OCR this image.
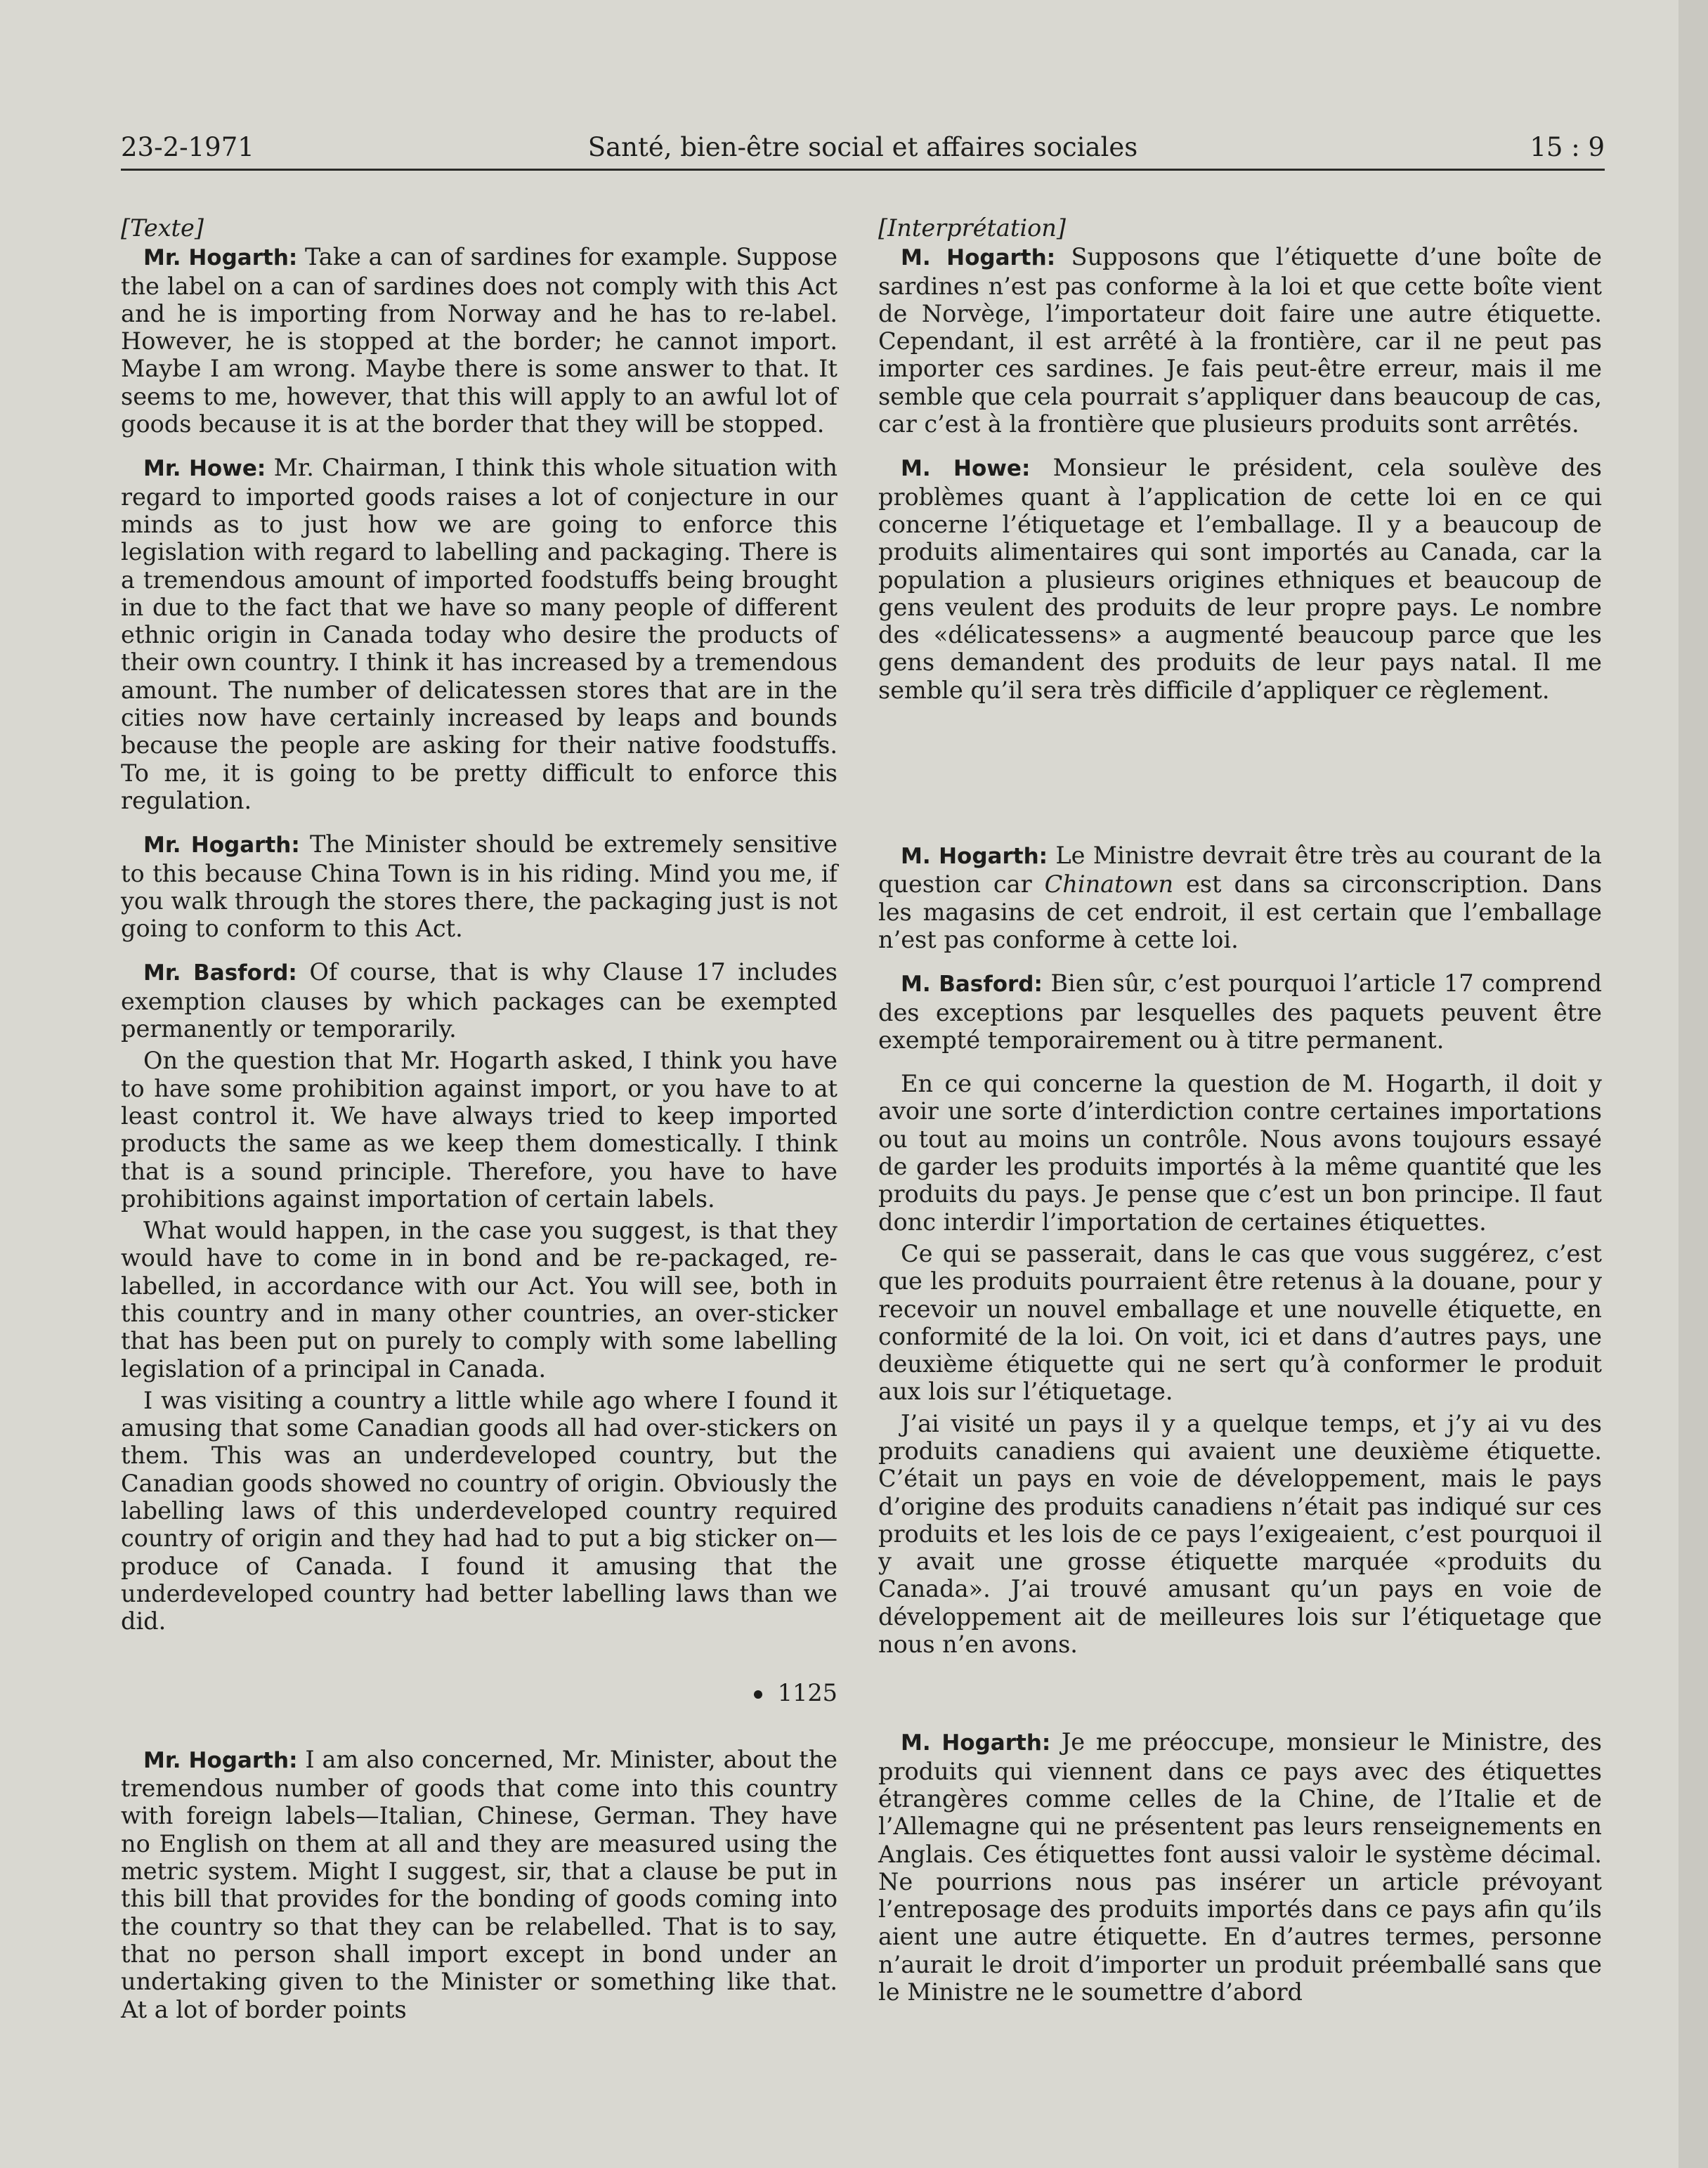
23-2-1971	Santé, bien-être social et affaires sociales	15 : 9

[Texte]

Mr. Hogarth: Take a can of sardines for example. Suppose the label on a can of sardines does not comply with this Act and he is importing from Norway and he has to re-label. However, he is stopped at the border; he cannot import. Maybe I am wrong. Maybe there is some answer to that. It seems to me, however, that this will apply to an awful lot of goods because it is at the border that they will be stopped.

Mr. Howe: Mr. Chairman, I think this whole situation with regard to imported goods raises a lot of conjecture in our minds as to just how we are going to enforce this legislation with regard to labelling and packaging. There is a tremendous amount of imported foodstuffs being brought in due to the fact that we have so many people of different ethnic origin in Canada today who desire the products of their own country. I think it has increased by a tremendous amount. The number of delicatessen stores that are in the cities now have certainly increased by leaps and bounds because the people are asking for their native foodstuffs. To me, it is going to be pretty difficult to enforce this regulation.

Mr. Hogarth: The Minister should be extremely sensitive to this because China Town is in his riding. Mind you me, if you walk through the stores there, the packaging just is not going to conform to this Act.

Mr. Basford: Of course, that is why Clause 17 includes exemption clauses by which packages can be exempted permanently or temporarily.

On the question that Mr. Hogarth asked, I think you have to have some prohibition against import, or you have to at least control it. We have always tried to keep imported products the same as we keep them domestically. I think that is a sound principle. Therefore, you have to have prohibitions against importation of certain labels.

What would happen, in the case you suggest, is that they would have to come in in bond and be re-packaged, re-labelled, in accordance with our Act. You will see, both in this country and in many other countries, an over-sticker that has been put on purely to comply with some labelling legislation of a principal in Canada.

I was visiting a country a little while ago where I found it amusing that some Canadian goods all had over-stickers on them. This was an underdeveloped country, but the Canadian goods showed no country of origin. Obviously the labelling laws of this underdeveloped country required country of origin and they had had to put a big sticker on—produce of Canada. I found it amusing that the underdeveloped country had better labelling laws than we did.

1125

Mr. Hogarth: I am also concerned, Mr. Minister, about the tremendous number of goods that come into this country with foreign labels—Italian, Chinese, German. They have no English on them at all and they are measured using the metric system. Might I suggest, sir, that a clause be put in this bill that provides for the bonding of goods coming into the country so that they can be relabelled. That is to say, that no person shall import except in bond under an undertaking given to the Minister or something like that. At a lot of border points

[Interprétation]

M. Hogarth: Supposons que l’étiquette d’une boîte de sardines n’est pas conforme à la loi et que cette boîte vient de Norvège, l’importateur doit faire une autre étiquette. Cependant, il est arrêté à la frontière, car il ne peut pas importer ces sardines. Je fais peut-être erreur, mais il me semble que cela pourrait s’appliquer dans beaucoup de cas, car c’est à la frontière que plusieurs produits sont arrêtés.

M. Howe: Monsieur le président, cela soulève des problèmes quant à l’application de cette loi en ce qui concerne l’étiquetage et l’emballage. Il y a beaucoup de produits alimentaires qui sont importés au Canada, car la population a plusieurs origines ethniques et beaucoup de gens veulent des produits de leur propre pays. Le nombre des «délicatessens» a augmenté beaucoup parce que les gens demandent des produits de leur pays natal. Il me semble qu’il sera très difficile d’appliquer ce règlement.

M. Hogarth: Le Ministre devrait être très au courant de la question car Chinatown est dans sa circonscription. Dans les magasins de cet endroit, il est certain que l’emballage n’est pas conforme à cette loi.

M. Basford: Bien sûr, c’est pourquoi l’article 17 comprend des exceptions par lesquelles des paquets peuvent être exempté temporairement ou à titre permanent.

En ce qui concerne la question de M. Hogarth, il doit y avoir une sorte d’interdiction contre certaines importations ou tout au moins un contrôle. Nous avons toujours essayé de garder les produits importés à la même quantité que les produits du pays. Je pense que c’est un bon principe. Il faut donc interdir l’importation de certaines étiquettes.

Ce qui se passerait, dans le cas que vous suggérez, c’est que les produits pourraient être retenus à la douane, pour y recevoir un nouvel emballage et une nouvelle étiquette, en conformité de la loi. On voit, ici et dans d’autres pays, une deuxième étiquette qui ne sert qu’à conformer le produit aux lois sur l’étiquetage.

J’ai visité un pays il y a quelque temps, et j’y ai vu des produits canadiens qui avaient une deuxième étiquette. C’était un pays en voie de développement, mais le pays d’origine des produits canadiens n’était pas indiqué sur ces produits et les lois de ce pays l’exigeaient, c’est pourquoi il y avait une grosse étiquette marquée «produits du Canada». J’ai trouvé amusant qu’un pays en voie de développement ait de meilleures lois sur l’étiquetage que nous n’en avons.

M. Hogarth: Je me préoccupe, monsieur le Ministre, des produits qui viennent dans ce pays avec des étiquettes étrangères comme celles de la Chine, de l’Italie et de l’Allemagne qui ne présentent pas leurs renseignements en Anglais. Ces étiquettes font aussi valoir le système décimal. Ne pourrions nous pas insérer un article prévoyant l’entreposage des produits importés dans ce pays afin qu’ils aient une autre étiquette. En d’autres termes, personne n’aurait le droit d’importer un produit préemballé sans que le Ministre ne le soumettre d’abord
